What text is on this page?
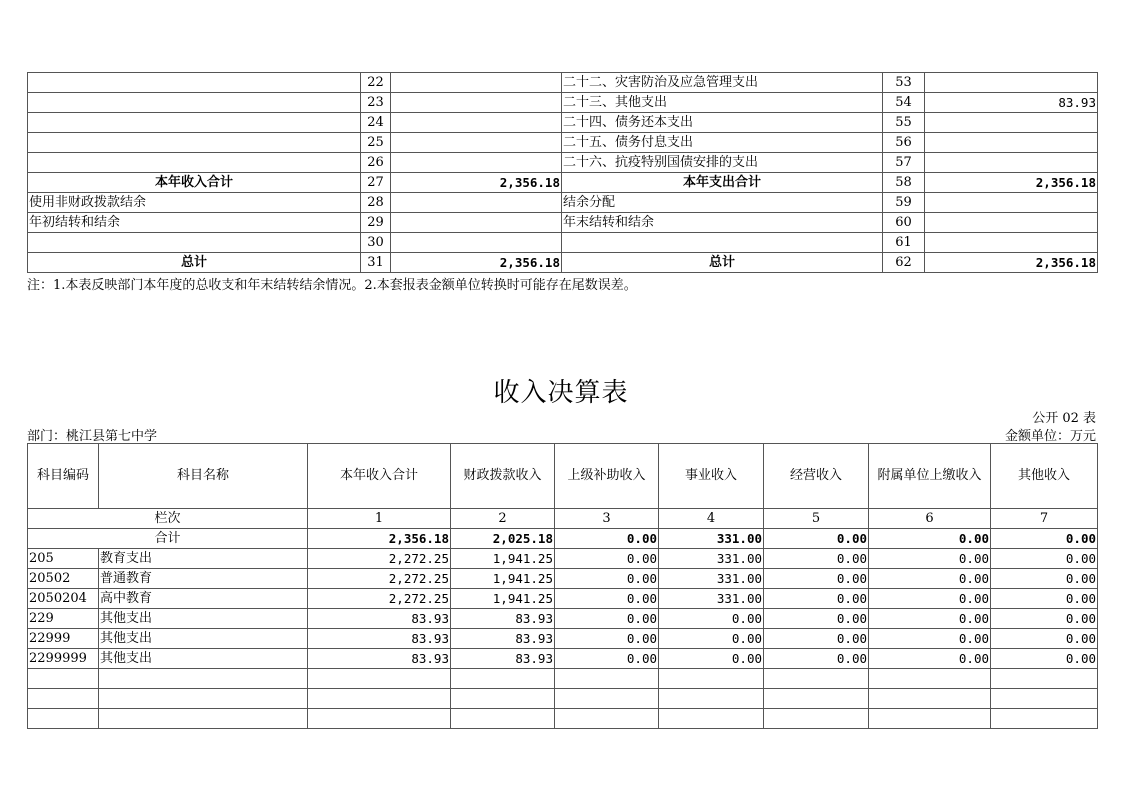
	22		二十二、灾害防治及应急管理支出	53	
	23		二十三、其他支出	54	83.93
	24		二十四、债务还本支出	55	
	25		二十五、债务付息支出	56	
	26		二十六、抗疫特别国债安排的支出	57	
本年收入合计	27	2,356.18	本年支出合计	58	2,356.18
使用非财政拨款结余	28		结余分配	59	
年初结转和结余	29		年末结转和结余	60	
	30			61	
总计	31	2,356.18	总计	62	2,356.18
注：1.本表反映部门本年度的总收支和年末结转结余情况。2.本套报表金额单位转换时可能存在尾数误差。
收入决算表
公开 02 表
部门：桃江县第七中学	金额单位：万元
科目编码	科目名称	本年收入合计	财政拨款收入	上级补助收入	事业收入	经营收入	附属单位上缴收入	其他收入
栏次		1	2	3	4	5	6	7
合计		2,356.18	2,025.18	0.00	331.00	0.00	0.00	0.00
205	教育支出	2,272.25	1,941.25	0.00	331.00	0.00	0.00	0.00
20502	普通教育	2,272.25	1,941.25	0.00	331.00	0.00	0.00	0.00
2050204	高中教育	2,272.25	1,941.25	0.00	331.00	0.00	0.00	0.00
229	其他支出	83.93	83.93	0.00	0.00	0.00	0.00	0.00
22999	其他支出	83.93	83.93	0.00	0.00	0.00	0.00	0.00
2299999	其他支出	83.93	83.93	0.00	0.00	0.00	0.00	0.00
